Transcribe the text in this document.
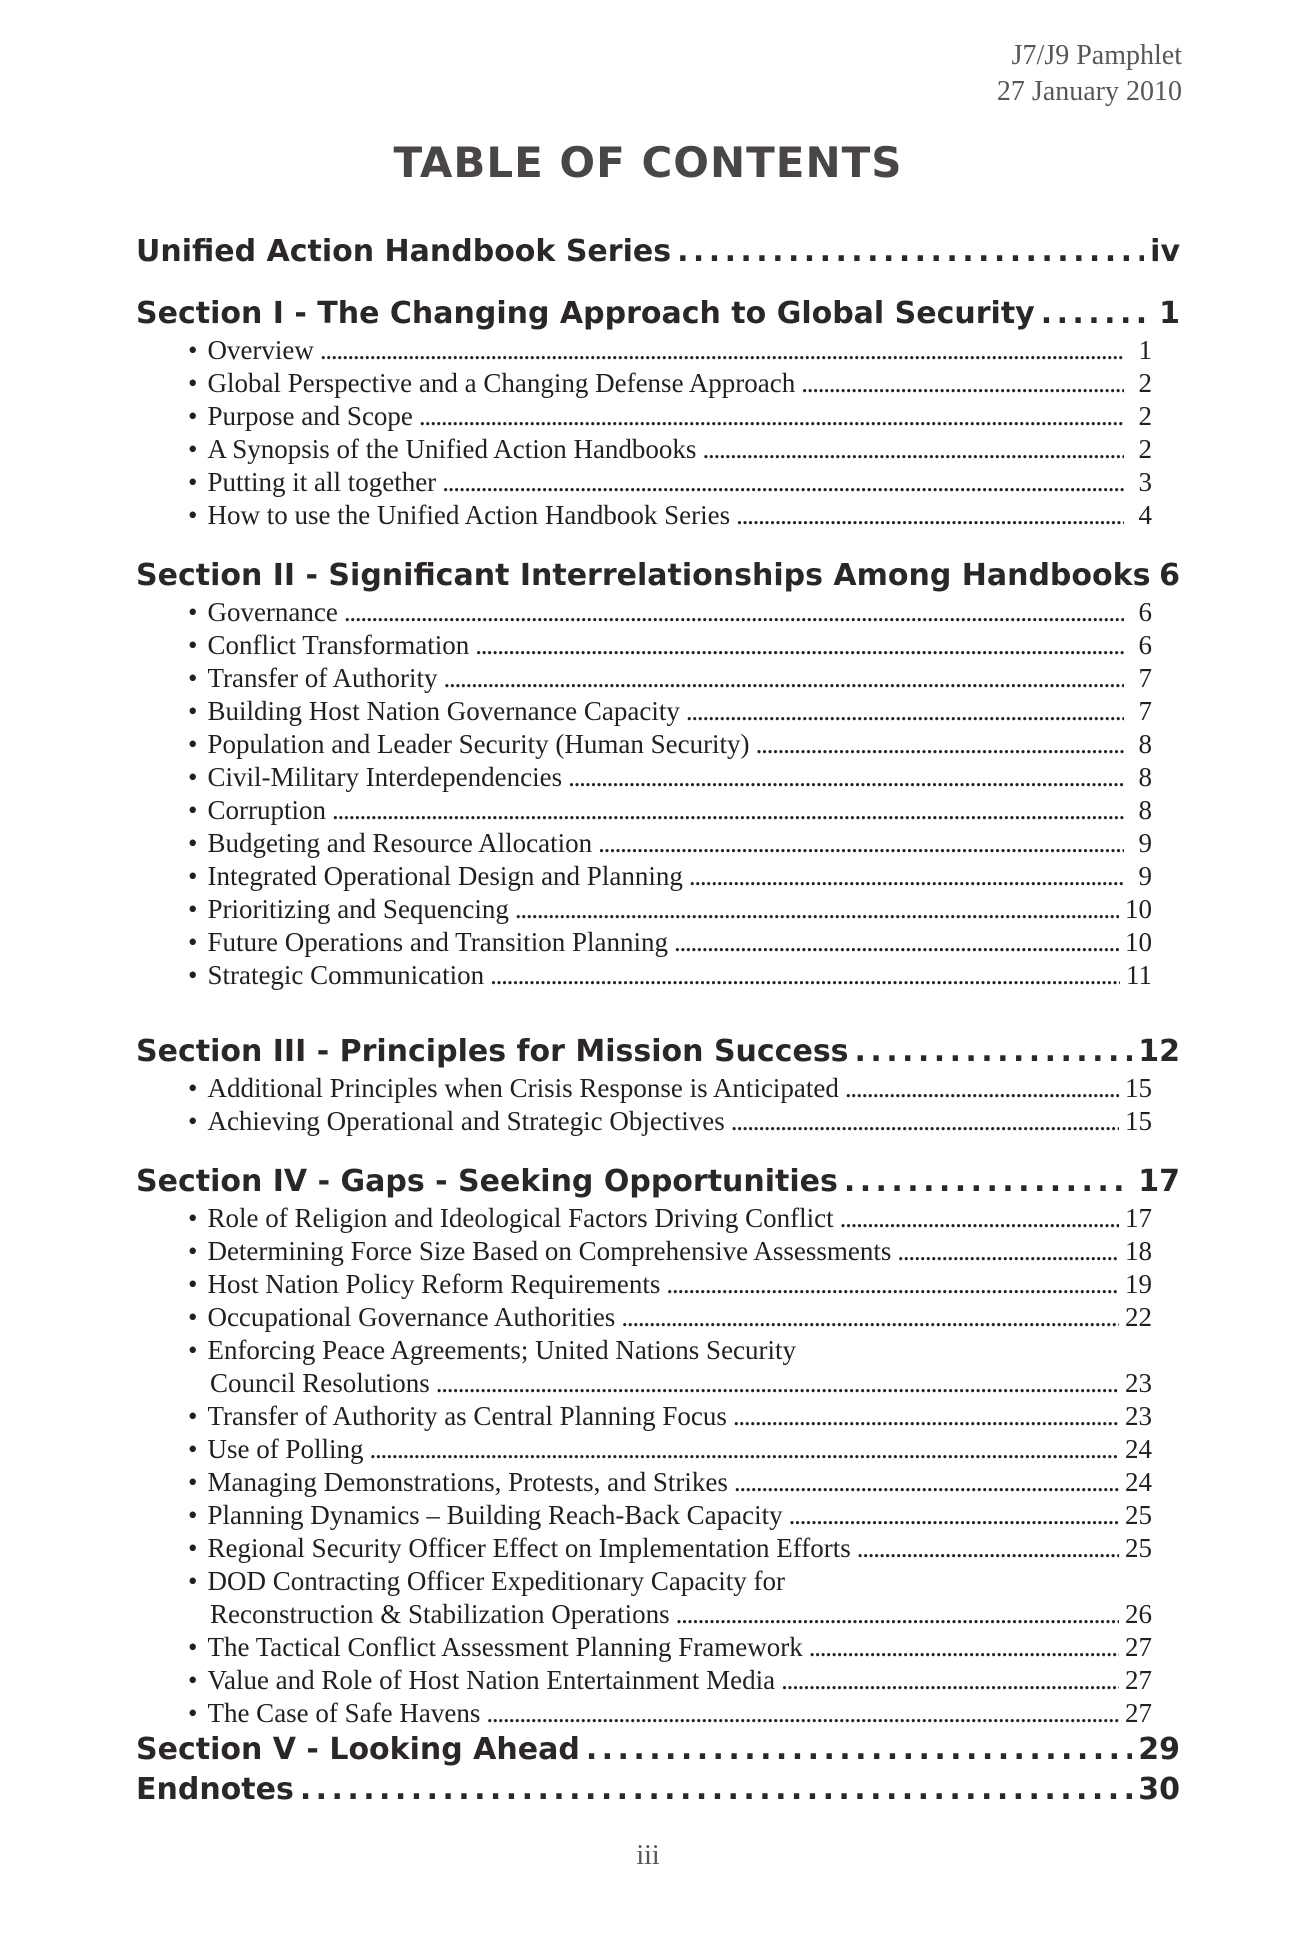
J7/J9 Pamphlet
27 January 2010
TABLE OF CONTENTS
Unified Action Handbook Series . . .	iv
Section I - The Changing Approach to Global Security . . .	1
• Overview . . .	1
• Global Perspective and a Changing Defense Approach . . .	2
• Purpose and Scope . . .	2
• A Synopsis of the Unified Action Handbooks . . .	2
• Putting it all together . . .	3
• How to use the Unified Action Handbook Series . . .	4
Section II - Significant Interrelationships Among Handbooks . . . 6
• Governance . . .	6
• Conflict Transformation . . .	6
• Transfer of Authority . . .	7
• Building Host Nation Governance Capacity . . .	7
• Population and Leader Security (Human Security) . . .	8
• Civil-Military Interdependencies . . .	8
• Corruption . . .	8
• Budgeting and Resource Allocation . . .	9
• Integrated Operational Design and Planning . . .	9
• Prioritizing and Sequencing . . .	10
• Future Operations and Transition Planning . . .	10
• Strategic Communication . . .	11
Section III - Principles for Mission Success . . .	12
• Additional Principles when Crisis Response is Anticipated . . .	15
• Achieving Operational and Strategic Objectives . . .	15
Section IV - Gaps - Seeking Opportunities . . .	17
• Role of Religion and Ideological Factors Driving Conflict . . .	17
• Determining Force Size Based on Comprehensive Assessments . . .	18
• Host Nation Policy Reform Requirements . . .	19
• Occupational Governance Authorities . . .	22
• Enforcing Peace Agreements; United Nations Security
Council Resolutions . . .	23
• Transfer of Authority as Central Planning Focus . . .	23
• Use of Polling . . .	24
• Managing Demonstrations, Protests, and Strikes . . .	24
• Planning Dynamics – Building Reach-Back Capacity . . .	25
• Regional Security Officer Effect on Implementation Efforts . . .	25
• DOD Contracting Officer Expeditionary Capacity for
Reconstruction & Stabilization Operations . . .	26
• The Tactical Conflict Assessment Planning Framework . . .	27
• Value and Role of Host Nation Entertainment Media . . .	27
• The Case of Safe Havens . . .	27
Section V - Looking Ahead . . .	29
Endnotes . . .	30
iii
